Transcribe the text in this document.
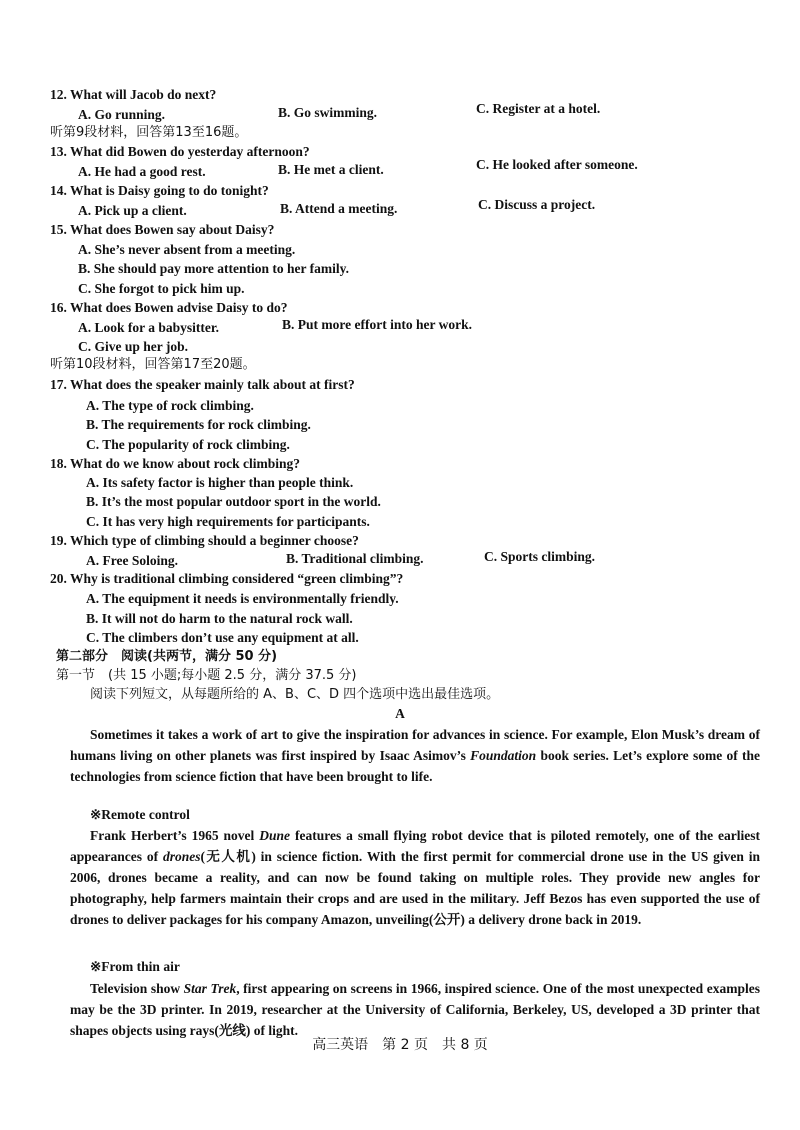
12. What will Jacob do next?
A. Go running.	B. Go swimming.	C. Register at a hotel.
听第9段材料，回答第13至16题。
13. What did Bowen do yesterday afternoon?
A. He had a good rest.	B. He met a client.	C. He looked after someone.
14. What is Daisy going to do tonight?
A. Pick up a client.	B. Attend a meeting.	C. Discuss a project.
15. What does Bowen say about Daisy?
A. She’s never absent from a meeting.
B. She should pay more attention to her family.
C. She forgot to pick him up.
16. What does Bowen advise Daisy to do?
A. Look for a babysitter.	B. Put more effort into her work.
C. Give up her job.
听第10段材料，回答第17至20题。
17. What does the speaker mainly talk about at first?
A. The type of rock climbing.
B. The requirements for rock climbing.
C. The popularity of rock climbing.
18. What do we know about rock climbing?
A. Its safety factor is higher than people think.
B. It’s the most popular outdoor sport in the world.
C. It has very high requirements for participants.
19. Which type of climbing should a beginner choose?
A. Free Soloing.	B. Traditional climbing.	C. Sports climbing.
20. Why is traditional climbing considered “green climbing”?
A. The equipment it needs is environmentally friendly.
B. It will not do harm to the natural rock wall.
C. The climbers don’t use any equipment at all.
第二部分　阅读(共两节，满分 50 分)
第一节　(共 15 小题;每小题 2.5 分，满分 37.5 分)
阅读下列短文，从每题所给的 A、B、C、D 四个选项中选出最佳选项。
A
Sometimes it takes a work of art to give the inspiration for advances in science. For example, Elon Musk’s dream of humans living on other planets was first inspired by Isaac Asimov’s Foundation book series. Let’s explore some of the technologies from science fiction that have been brought to life.
※Remote control
Frank Herbert’s 1965 novel Dune features a small flying robot device that is piloted remotely, one of the earliest appearances of drones(无人机) in science fiction. With the first permit for commercial drone use in the US given in 2006, drones became a reality, and can now be found taking on multiple roles. They provide new angles for photography, help farmers maintain their crops and are used in the military. Jeff Bezos has even supported the use of drones to deliver packages for his company Amazon, unveiling(公开) a delivery drone back in 2019.
※From thin air
Television show Star Trek, first appearing on screens in 1966, inspired science. One of the most unexpected examples may be the 3D printer. In 2019, researcher at the University of California, Berkeley, US, developed a 3D printer that shapes objects using rays(光线) of light.
高三英语　第 2 页　共 8 页
